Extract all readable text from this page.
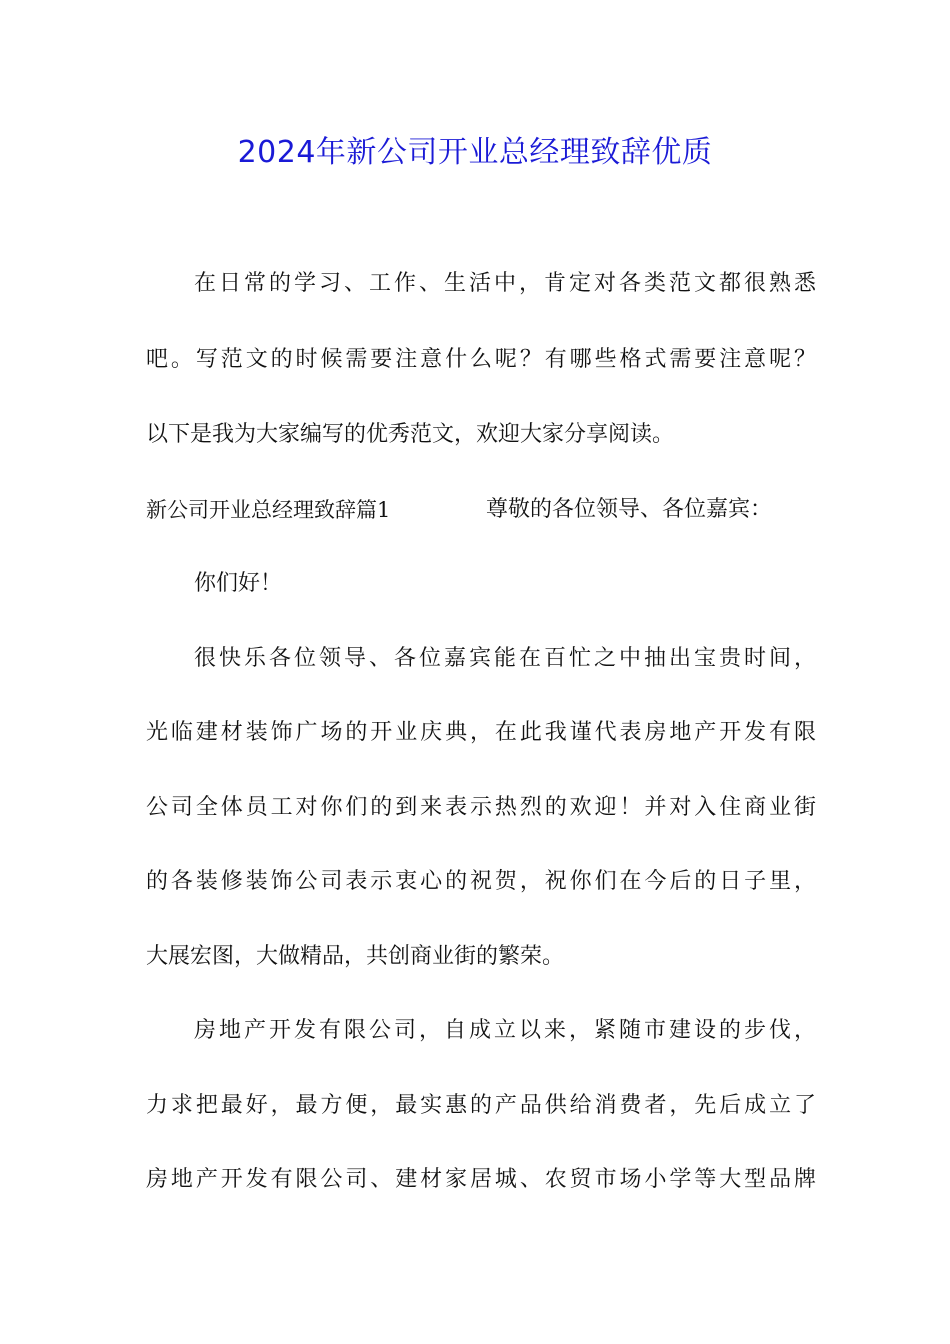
2024年新公司开业总经理致辞优质
在日常的学习、工作、生活中，肯定对各类范文都很熟悉
吧。写范文的时候需要注意什么呢？有哪些格式需要注意呢？
以下是我为大家编写的优秀范文，欢迎大家分享阅读。
新公司开业总经理致辞篇1	尊敬的各位领导、各位嘉宾：
你们好！
很快乐各位领导、各位嘉宾能在百忙之中抽出宝贵时间，
光临建材装饰广场的开业庆典，在此我谨代表房地产开发有限
公司全体员工对你们的到来表示热烈的欢迎！并对入住商业街
的各装修装饰公司表示衷心的祝贺，祝你们在今后的日子里，
大展宏图，大做精品，共创商业街的繁荣。
房地产开发有限公司，自成立以来，紧随市建设的步伐，
力求把最好，最方便，最实惠的产品供给消费者，先后成立了
房地产开发有限公司、建材家居城、农贸市场小学等大型品牌
